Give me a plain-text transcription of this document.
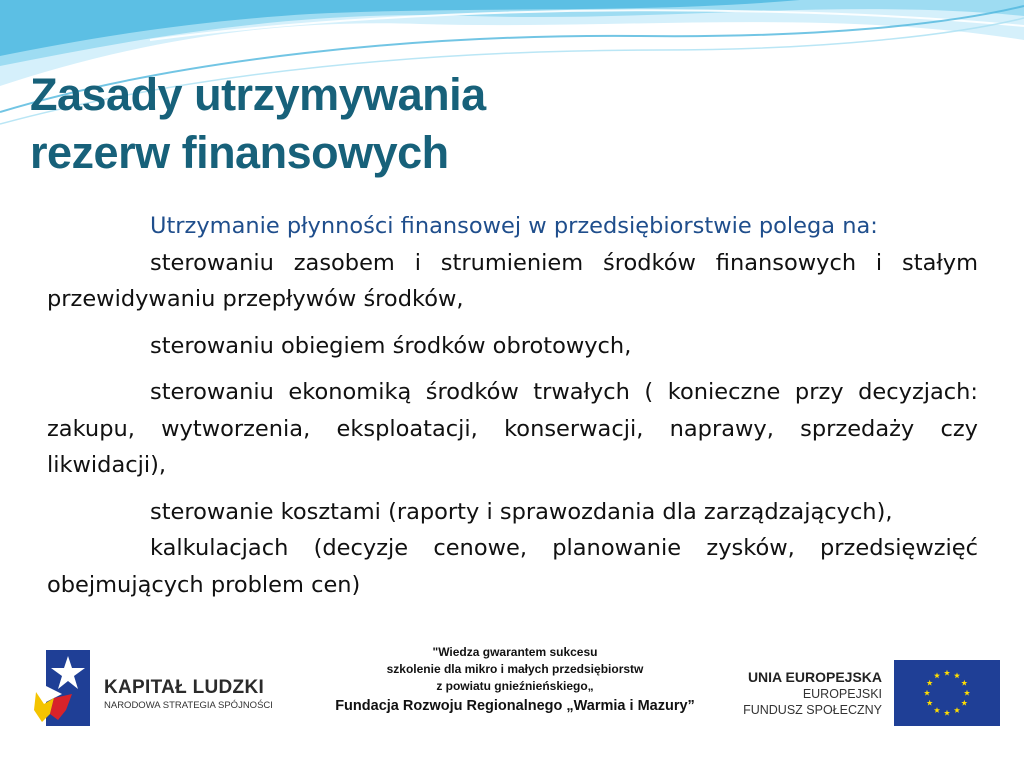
Zasady utrzymywania
rezerw finansowych

Utrzymanie płynności finansowej w przedsiębiorstwie polega na:

sterowaniu zasobem i strumieniem środków finansowych i stałym przewidywaniu przepływów środków,

sterowaniu obiegiem środków obrotowych,

sterowaniu ekonomiką środków trwałych ( konieczne przy decyzjach: zakupu, wytworzenia, eksploatacji, konserwacji, naprawy, sprzedaży czy likwidacji),

sterowanie kosztami (raporty i sprawozdania dla zarządzających),

kalkulacjach (decyzje cenowe, planowanie zysków, przedsięwzięć obejmujących problem cen)

KAPITAŁ LUDZKI
NARODOWA STRATEGIA SPÓJNOŚCI
"Wiedza gwarantem sukcesu
szkolenie dla mikro i małych przedsiębiorstw
z powiatu gnieźnieńskiego„
Fundacja Rozwoju Regionalnego „Warmia i Mazury”
UNIA EUROPEJSKA
EUROPEJSKI
FUNDUSZ SPOŁECZNY
